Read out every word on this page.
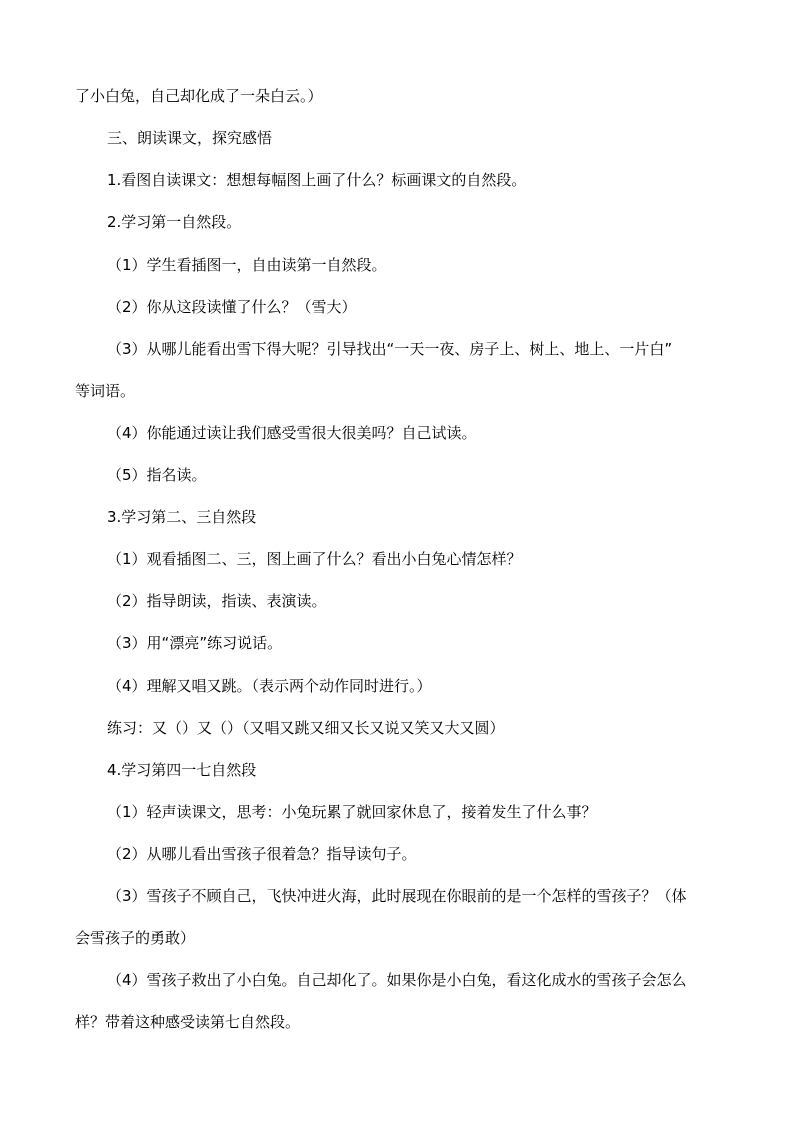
了小白兔，自己却化成了一朵白云。）
三、朗读课文，探究感悟
1.看图自读课文：想想每幅图上画了什么？标画课文的自然段。
2.学习第一自然段。
（1）学生看插图一，自由读第一自然段。
（2）你从这段读懂了什么？（雪大）
（3）从哪儿能看出雪下得大呢？引导找出“一天一夜、房子上、树上、地上、一片白”
等词语。
（4）你能通过读让我们感受雪很大很美吗？自己试读。
（5）指名读。
3.学习第二、三自然段
（1）观看插图二、三，图上画了什么？看出小白兔心情怎样？
（2）指导朗读，指读、表演读。
（3）用“漂亮”练习说话。
（4）理解又唱又跳。（表示两个动作同时进行。）
练习：又（）又（）（又唱又跳又细又长又说又笑又大又圆）
4.学习第四一七自然段
（1）轻声读课文，思考：小兔玩累了就回家休息了，接着发生了什么事？
（2）从哪儿看出雪孩子很着急？指导读句子。
（3）雪孩子不顾自己，飞快冲进火海，此时展现在你眼前的是一个怎样的雪孩子？（体
会雪孩子的勇敢）
（4）雪孩子救出了小白兔。自己却化了。如果你是小白兔，看这化成水的雪孩子会怎么
样？带着这种感受读第七自然段。
